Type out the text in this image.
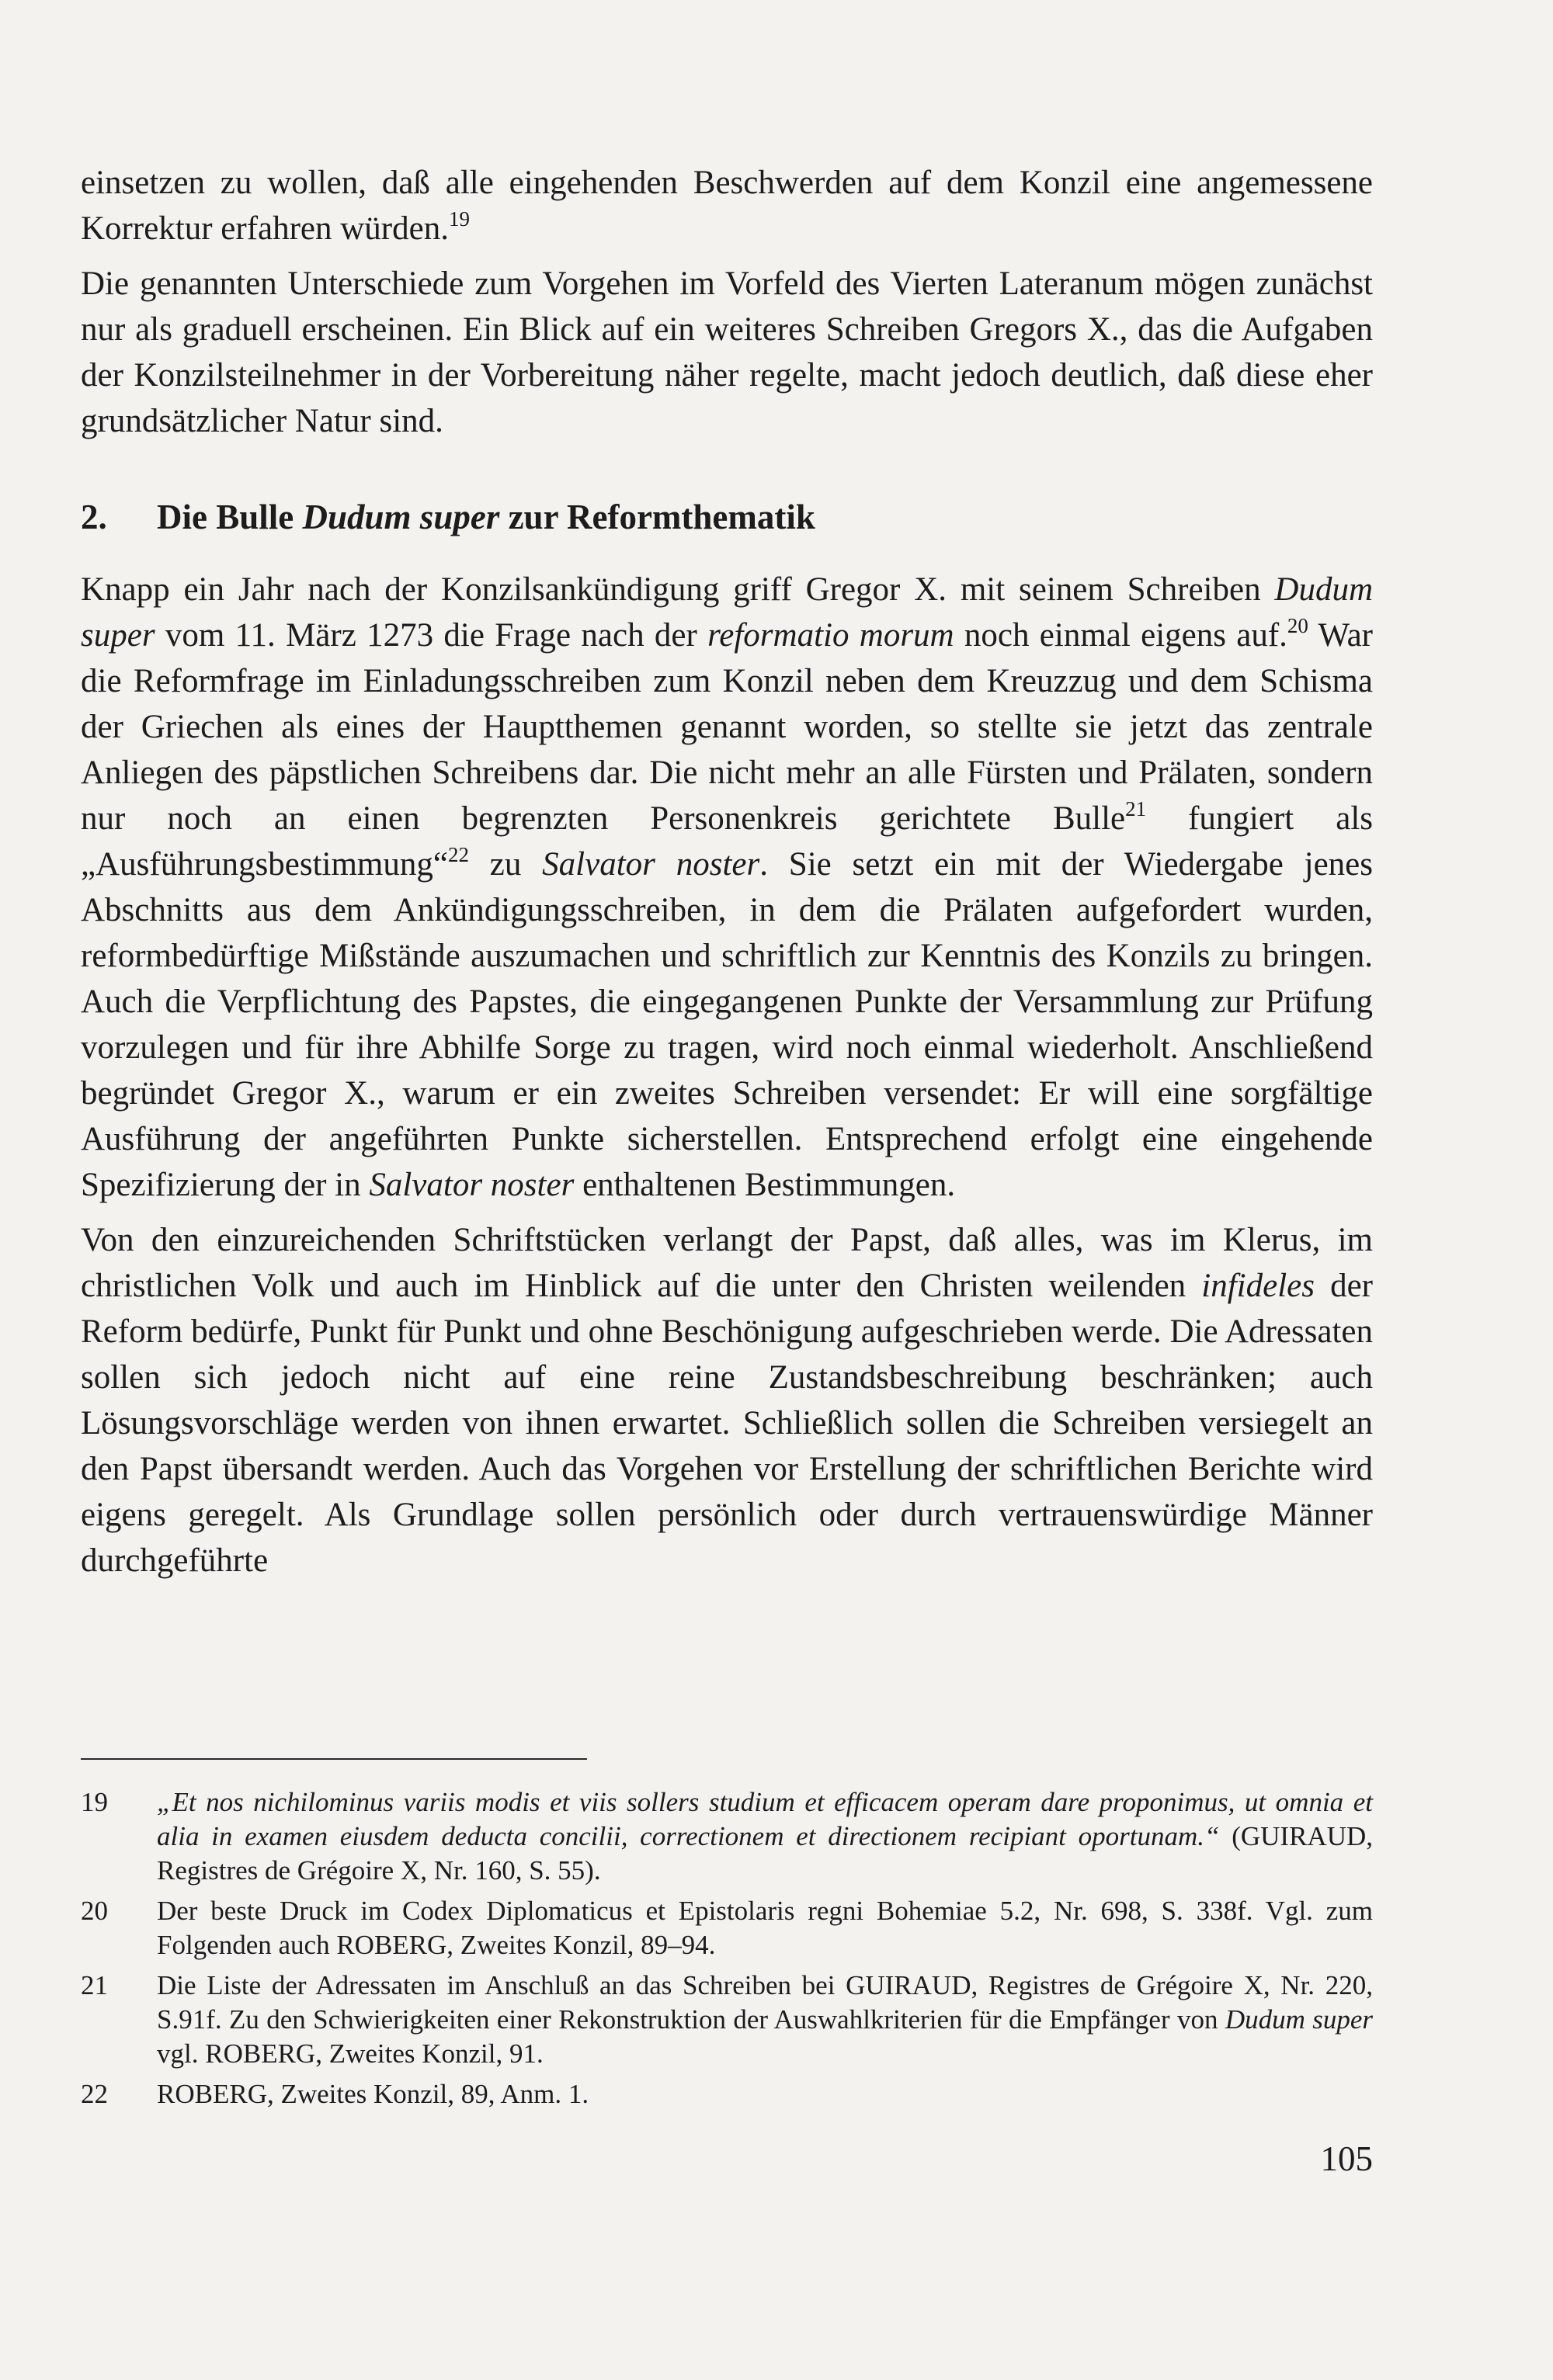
einsetzen zu wollen, daß alle eingehenden Beschwerden auf dem Konzil eine angemessene Korrektur erfahren würden.$^{19}$

Die genannten Unterschiede zum Vorgehen im Vorfeld des Vierten Lateranum mögen zunächst nur als graduell erscheinen. Ein Blick auf ein weiteres Schreiben Gregors X., das die Aufgaben der Konzilsteilnehmer in der Vorbereitung näher regelte, macht jedoch deutlich, daß diese eher grundsätzlicher Natur sind.

2. Die Bulle Dudum super zur Reformthematik

Knapp ein Jahr nach der Konzilsankündigung griff Gregor X. mit seinem Schreiben Dudum super vom 11. März 1273 die Frage nach der reformatio morum noch einmal eigens auf.$^{20}$ War die Reformfrage im Einladungsschreiben zum Konzil neben dem Kreuzzug und dem Schisma der Griechen als eines der Hauptthemen genannt worden, so stellte sie jetzt das zentrale Anliegen des päpstlichen Schreibens dar. Die nicht mehr an alle Fürsten und Prälaten, sondern nur noch an einen begrenzten Personenkreis gerichtete Bulle$^{21}$ fungiert als „Ausführungsbestimmung“$^{22}$ zu Salvator noster. Sie setzt ein mit der Wiedergabe jenes Abschnitts aus dem Ankündigungsschreiben, in dem die Prälaten aufgefordert wurden, reformbedürftige Mißstände auszumachen und schriftlich zur Kenntnis des Konzils zu bringen. Auch die Verpflichtung des Papstes, die eingegangenen Punkte der Versammlung zur Prüfung vorzulegen und für ihre Abhilfe Sorge zu tragen, wird noch einmal wiederholt. Anschließend begründet Gregor X., warum er ein zweites Schreiben versendet: Er will eine sorgfältige Ausführung der angeführten Punkte sicherstellen. Entsprechend erfolgt eine eingehende Spezifizierung der in Salvator noster enthaltenen Bestimmungen.

Von den einzureichenden Schriftstücken verlangt der Papst, daß alles, was im Klerus, im christlichen Volk und auch im Hinblick auf die unter den Christen weilenden infideles der Reform bedürfe, Punkt für Punkt und ohne Beschönigung aufgeschrieben werde. Die Adressaten sollen sich jedoch nicht auf eine reine Zustandsbeschreibung beschränken; auch Lösungsvorschläge werden von ihnen erwartet. Schließlich sollen die Schreiben versiegelt an den Papst übersandt werden. Auch das Vorgehen vor Erstellung der schriftlichen Berichte wird eigens geregelt. Als Grundlage sollen persönlich oder durch vertrauenswürdige Männer durchgeführte

19	„Et nos nichilominus variis modis et viis sollers studium et efficacem operam dare proponimus, ut omnia et alia in examen eiusdem deducta concilii, correctionem et directionem recipiant oportunam.“ (GUIRAUD, Registres de Grégoire X, Nr. 160, S. 55).
20	Der beste Druck im Codex Diplomaticus et Epistolaris regni Bohemiae 5.2, Nr. 698, S. 338f. Vgl. zum Folgenden auch ROBERG, Zweites Konzil, 89–94.
21	Die Liste der Adressaten im Anschluß an das Schreiben bei GUIRAUD, Registres de Grégoire X, Nr. 220, S.91f. Zu den Schwierigkeiten einer Rekonstruktion der Auswahlkriterien für die Empfänger von Dudum super vgl. ROBERG, Zweites Konzil, 91.
22	ROBERG, Zweites Konzil, 89, Anm. 1.
105
